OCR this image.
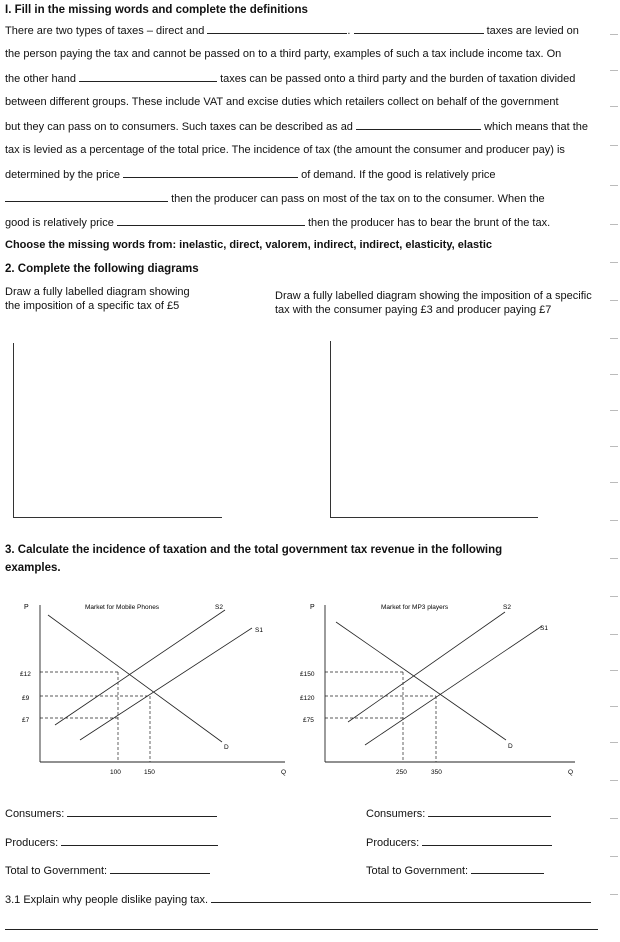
I. Fill in the missing words and complete the definitions
There are two types of taxes – direct and	.	taxes are levied on
the person paying the tax and cannot be passed on to a third party, examples of such a tax include income tax. On
the other hand	taxes can be passed onto a third party and the burden of taxation divided
between different groups. These include VAT and excise duties which retailers collect on behalf of the government
but they can pass on to consumers. Such taxes can be described as ad	which means that the
tax is levied as a percentage of the total price. The incidence of tax (the amount the consumer and producer pay) is
determined by the price	of demand. If the good is relatively price
then the producer can pass on most of the tax on to the consumer. When the
good is relatively price	then the producer has to bear the brunt of the tax.
Choose the missing words from: inelastic, direct, valorem, indirect, indirect, elasticity, elastic
2. Complete the following diagrams
Draw a fully labelled diagram showing
the imposition of a specific tax of £5
Draw a fully labelled diagram showing the imposition of a specific
tax with the consumer paying £3 and producer paying £7
3. Calculate the incidence of taxation and the total government tax revenue in the following
examples.
P	Market for Mobile Phones	S2
S1
£12
£9
£7
100	150
D
Q
P	Market for MP3 players	S2
S1
£150
£120
£75
250	350
D
Q
Consumers:
Producers:
Total to Government:
Consumers:
Producers:
Total to Government:
3.1 Explain why people dislike paying tax.
